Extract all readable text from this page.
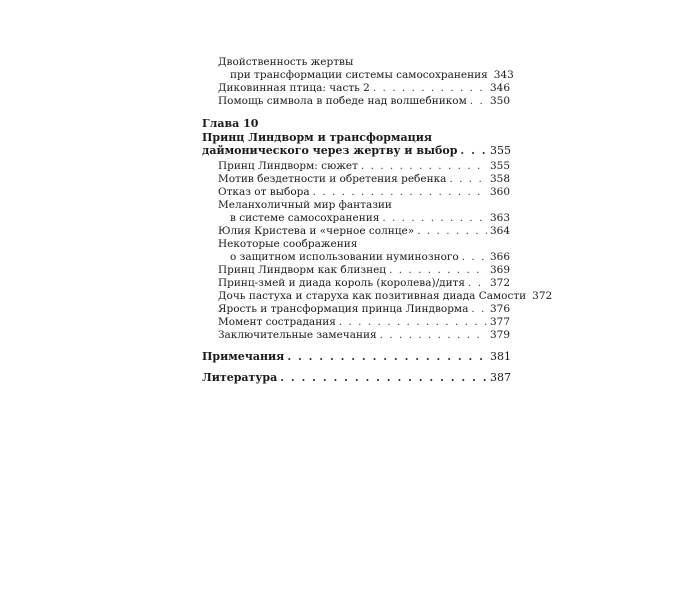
Двойственность жертвы
при трансформации системы самосохранения 343
Диковинная птица: часть 2 . . .	346
Помощь символа в победе над волшебником . . . 350
Глава 10
Принц Линдворм и трансформация
даймонического через жертву и выбор . . .	355
Принц Линдворм: сюжет . . .	355
Мотив бездетности и обретения ребенка . . .	358
Отказ от выбора . . .	360
Меланхоличный мир фантазии
в системе самосохранения . . .	363
Юлия Кристева и «черное солнце» . . .	364
Некоторые соображения
о защитном использовании нуминозного . . .	366
Принц Линдворм как близнец . . .	369
Принц-змей и диада король (королева)/дитя . . . 372
Дочь пастуха и старуха как позитивная диада Самости 372
Ярость и трансформация принца Линдворма . . . 376
Момент сострадания . . .	377
Заключительные замечания . . .	379
Примечания . . .	381
Литература . . .	387
